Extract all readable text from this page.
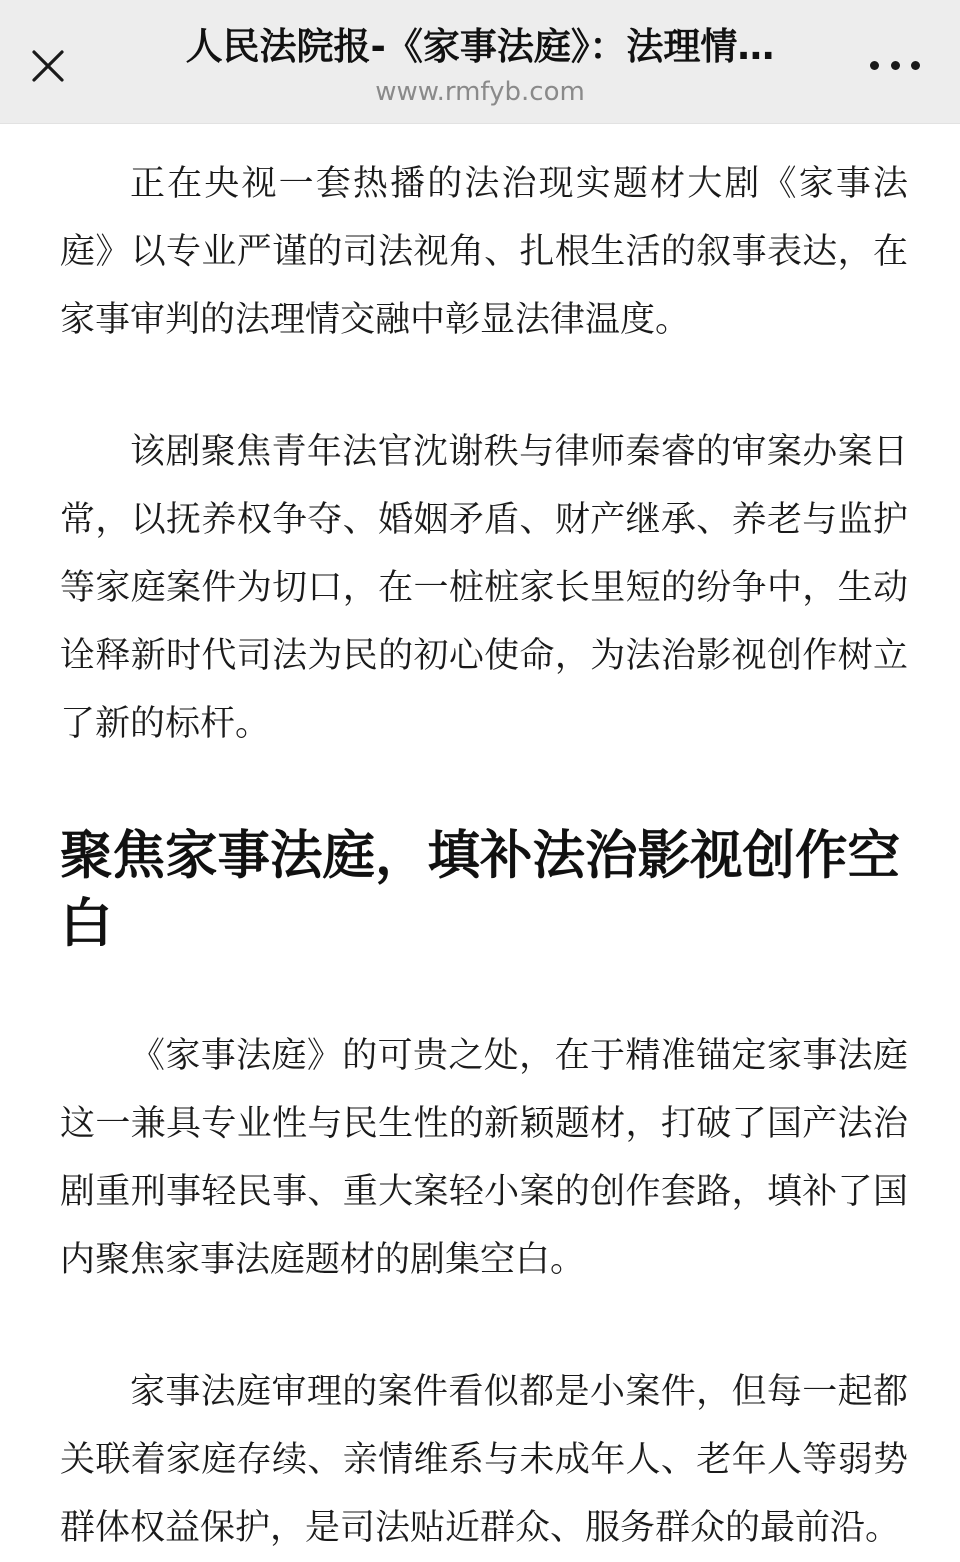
人民法院报-《家事法庭》：法理情…
www.rmfyb.com

正在央视一套热播的法治现实题材大剧《家事法庭》以专业严谨的司法视角、扎根生活的叙事表达，在家事审判的法理情交融中彰显法律温度。

该剧聚焦青年法官沈谢秩与律师秦睿的审案办案日常，以抚养权争夺、婚姻矛盾、财产继承、养老与监护等家庭案件为切口，在一桩桩家长里短的纷争中，生动诠释新时代司法为民的初心使命，为法治影视创作树立了新的标杆。

聚焦家事法庭，填补法治影视创作空白

《家事法庭》的可贵之处，在于精准锚定家事法庭这一兼具专业性与民生性的新颖题材，打破了国产法治剧重刑事轻民事、重大案轻小案的创作套路，填补了国内聚焦家事法庭题材的剧集空白。

家事法庭审理的案件看似都是小案件，但每一起都关联着家庭存续、亲情维系与未成年人、老年人等弱势群体权益保护，是司法贴近群众、服务群众的最前沿。
